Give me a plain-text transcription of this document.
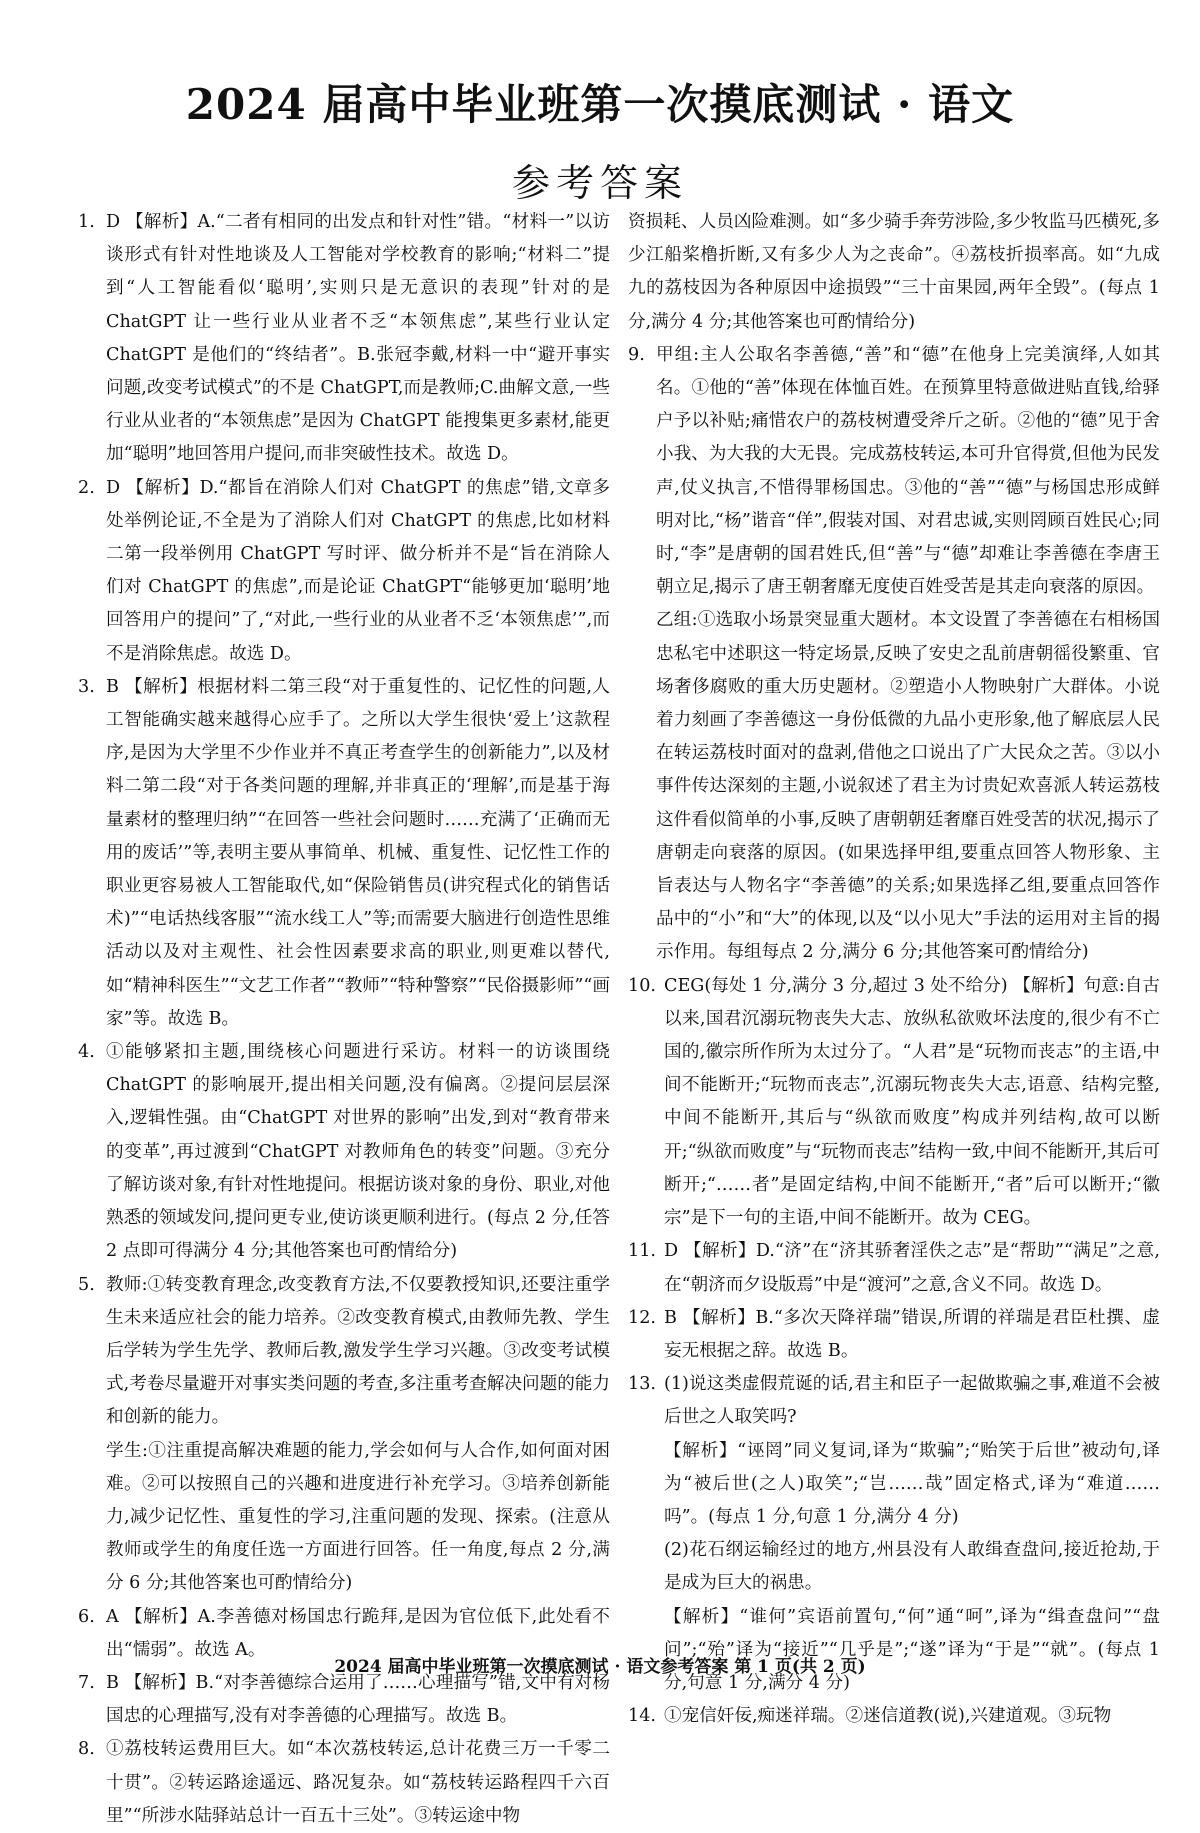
2024 届高中毕业班第一次摸底测试 · 语文
参考答案
1. D 【解析】A.“二者有相同的出发点和针对性”错。“材料一”以访谈形式有针对性地谈及人工智能对学校教育的影响;“材料二”提到“人工智能看似‘聪明’,实则只是无意识的表现”针对的是 ChatGPT 让一些行业从业者不乏“本领焦虑”,某些行业认定 ChatGPT 是他们的“终结者”。B.张冠李戴,材料一中“避开事实问题,改变考试模式”的不是 ChatGPT,而是教师;C.曲解文意,一些行业从业者的“本领焦虑”是因为 ChatGPT 能搜集更多素材,能更加“聪明”地回答用户提问,而非突破性技术。故选 D。

2. D 【解析】D.“都旨在消除人们对 ChatGPT 的焦虑”错,文章多处举例论证,不全是为了消除人们对 ChatGPT 的焦虑,比如材料二第一段举例用 ChatGPT 写时评、做分析并不是“旨在消除人们对 ChatGPT 的焦虑”,而是论证 ChatGPT“能够更加‘聪明’地回答用户的提问”了,“对此,一些行业的从业者不乏‘本领焦虑’”,而不是消除焦虑。故选 D。

3. B 【解析】根据材料二第三段“对于重复性的、记忆性的问题,人工智能确实越来越得心应手了。之所以大学生很快‘爱上’这款程序,是因为大学里不少作业并不真正考查学生的创新能力”,以及材料二第二段“对于各类问题的理解,并非真正的‘理解’,而是基于海量素材的整理归纳”“在回答一些社会问题时……充满了‘正确而无用的废话’”等,表明主要从事简单、机械、重复性、记忆性工作的职业更容易被人工智能取代,如“保险销售员(讲究程式化的销售话术)”“电话热线客服”“流水线工人”等;而需要大脑进行创造性思维活动以及对主观性、社会性因素要求高的职业,则更难以替代,如“精神科医生”“文艺工作者”“教师”“特种警察”“民俗摄影师”“画家”等。故选 B。

4. ①能够紧扣主题,围绕核心问题进行采访。材料一的访谈围绕 ChatGPT 的影响展开,提出相关问题,没有偏离。②提问层层深入,逻辑性强。由“ChatGPT 对世界的影响”出发,到对“教育带来的变革”,再过渡到“ChatGPT 对教师角色的转变”问题。③充分了解访谈对象,有针对性地提问。根据访谈对象的身份、职业,对他熟悉的领域发问,提问更专业,使访谈更顺利进行。(每点 2 分,任答 2 点即可得满分 4 分;其他答案也可酌情给分)

5. 教师:①转变教育理念,改变教育方法,不仅要教授知识,还要注重学生未来适应社会的能力培养。②改变教育模式,由教师先教、学生后学转为学生先学、教师后教,激发学生学习兴趣。③改变考试模式,考卷尽量避开对事实类问题的考查,多注重考查解决问题的能力和创新的能力。

学生:①注重提高解决难题的能力,学会如何与人合作,如何面对困难。②可以按照自己的兴趣和进度进行补充学习。③培养创新能力,减少记忆性、重复性的学习,注重问题的发现、探索。(注意从教师或学生的角度任选一方面进行回答。任一角度,每点 2 分,满分 6 分;其他答案也可酌情给分)

6. A 【解析】A.李善德对杨国忠行跪拜,是因为官位低下,此处看不出“懦弱”。故选 A。

7. B 【解析】B.“对李善德综合运用了……心理描写”错,文中有对杨国忠的心理描写,没有对李善德的心理描写。故选 B。

8. ①荔枝转运费用巨大。如“本次荔枝转运,总计花费三万一千零二十贯”。②转运路途遥远、路况复杂。如“荔枝转运路程四千六百里”“所涉水陆驿站总计一百五十三处”。③转运途中物

资损耗、人员凶险难测。如“多少骑手奔劳涉险,多少牧监马匹横死,多少江船桨橹折断,又有多少人为之丧命”。④荔枝折损率高。如“九成九的荔枝因为各种原因中途损毁”“三十亩果园,两年全毁”。(每点 1 分,满分 4 分;其他答案也可酌情给分)

9. 甲组:主人公取名李善德,“善”和“德”在他身上完美演绎,人如其名。①他的“善”体现在体恤百姓。在预算里特意做进贴直钱,给驿户予以补贴;痛惜农户的荔枝树遭受斧斤之斫。②他的“德”见于舍小我、为大我的大无畏。完成荔枝转运,本可升官得赏,但他为民发声,仗义执言,不惜得罪杨国忠。③他的“善”“德”与杨国忠形成鲜明对比,“杨”谐音“佯”,假装对国、对君忠诚,实则罔顾百姓民心;同时,“李”是唐朝的国君姓氏,但“善”与“德”却难让李善德在李唐王朝立足,揭示了唐王朝奢靡无度使百姓受苦是其走向衰落的原因。

乙组:①选取小场景突显重大题材。本文设置了李善德在右相杨国忠私宅中述职这一特定场景,反映了安史之乱前唐朝徭役繁重、官场奢侈腐败的重大历史题材。②塑造小人物映射广大群体。小说着力刻画了李善德这一身份低微的九品小吏形象,他了解底层人民在转运荔枝时面对的盘剥,借他之口说出了广大民众之苦。③以小事件传达深刻的主题,小说叙述了君主为讨贵妃欢喜派人转运荔枝这件看似简单的小事,反映了唐朝朝廷奢靡百姓受苦的状况,揭示了唐朝走向衰落的原因。(如果选择甲组,要重点回答人物形象、主旨表达与人物名字“李善德”的关系;如果选择乙组,要重点回答作品中的“小”和“大”的体现,以及“以小见大”手法的运用对主旨的揭示作用。每组每点 2 分,满分 6 分;其他答案可酌情给分)

10. CEG(每处 1 分,满分 3 分,超过 3 处不给分) 【解析】句意:自古以来,国君沉溺玩物丧失大志、放纵私欲败坏法度的,很少有不亡国的,徽宗所作所为太过分了。“人君”是“玩物而丧志”的主语,中间不能断开;“玩物而丧志”,沉溺玩物丧失大志,语意、结构完整,中间不能断开,其后与“纵欲而败度”构成并列结构,故可以断开;“纵欲而败度”与“玩物而丧志”结构一致,中间不能断开,其后可断开;“……者”是固定结构,中间不能断开,“者”后可以断开;“徽宗”是下一句的主语,中间不能断开。故为 CEG。

11. D 【解析】D.“济”在“济其骄奢淫佚之志”是“帮助”“满足”之意,在“朝济而夕设版焉”中是“渡河”之意,含义不同。故选 D。

12. B 【解析】B.“多次天降祥瑞”错误,所谓的祥瑞是君臣杜撰、虚妄无根据之辞。故选 B。

13. (1)说这类虚假荒诞的话,君主和臣子一起做欺骗之事,难道不会被后世之人取笑吗?

【解析】“诬罔”同义复词,译为“欺骗”;“贻笑于后世”被动句,译为“被后世(之人)取笑”;“岂……哉”固定格式,译为“难道……吗”。(每点 1 分,句意 1 分,满分 4 分)

(2)花石纲运输经过的地方,州县没有人敢缉查盘问,接近抢劫,于是成为巨大的祸患。

【解析】“谁何”宾语前置句,“何”通“呵”,译为“缉查盘问”“盘问”;“殆”译为“接近”“几乎是”;“遂”译为“于是”“就”。(每点 1 分,句意 1 分,满分 4 分)

14. ①宠信奸佞,痴迷祥瑞。②迷信道教(说),兴建道观。③玩物

2024 届高中毕业班第一次摸底测试 · 语文参考答案 第 1 页(共 2 页)
